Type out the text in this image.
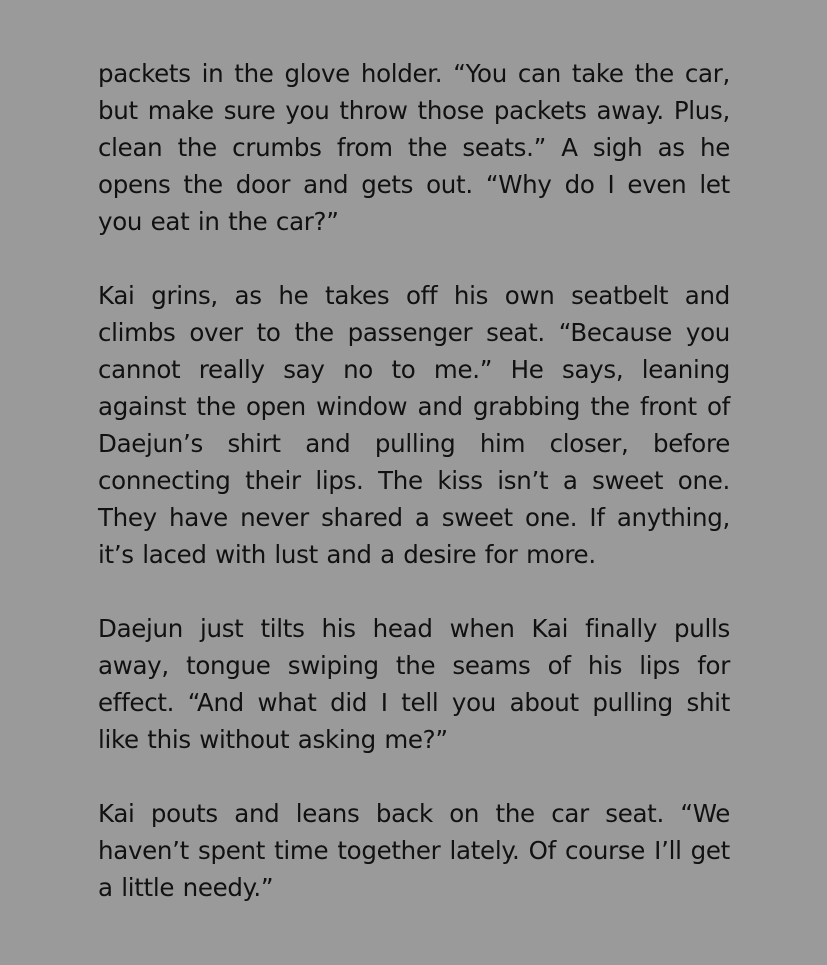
packets in the glove holder. “You can take the car, but make sure you throw those packets away. Plus, clean the crumbs from the seats.” A sigh as he opens the door and gets out. “Why do I even let you eat in the car?”

Kai grins, as he takes off his own seatbelt and climbs over to the passenger seat. “Because you cannot really say no to me.” He says, leaning against the open window and grabbing the front of Daejun’s shirt and pulling him closer, before connecting their lips. The kiss isn’t a sweet one. They have never shared a sweet one. If anything, it’s laced with lust and a desire for more.

Daejun just tilts his head when Kai finally pulls away, tongue swiping the seams of his lips for effect. “And what did I tell you about pulling shit like this without asking me?”

Kai pouts and leans back on the car seat. “We haven’t spent time together lately. Of course I’ll get a little needy.”
